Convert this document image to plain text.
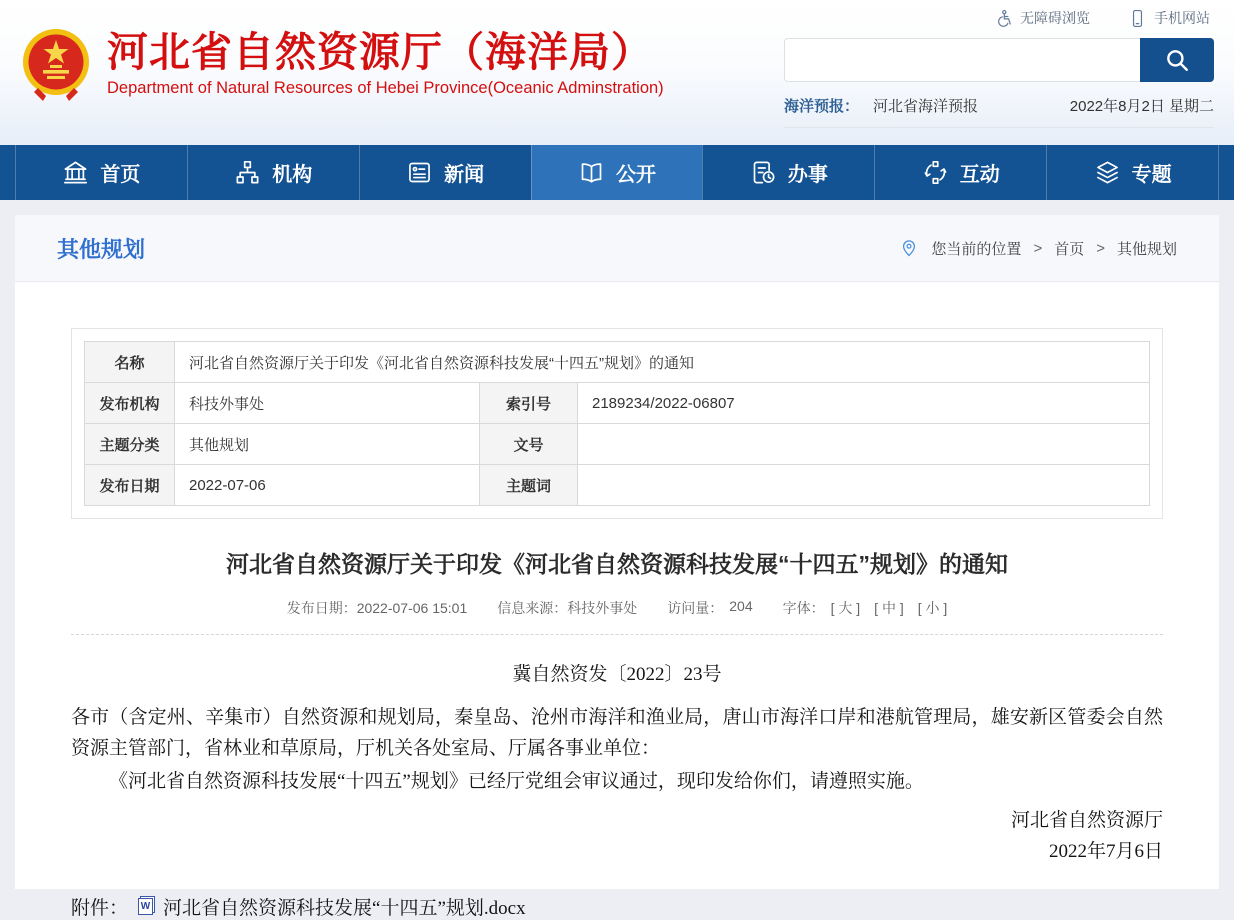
无障碍浏览	手机网站
河北省自然资源厅（海洋局）
Department of Natural Resources of Hebei Province(Oceanic Adminstration)
海洋预报： 河北省海洋预报	2022年8月2日 星期二
首页	机构	新闻	公开	办事	互动	专题
其他规划	您当前的位置 > 首页 > 其他规划
名称	河北省自然资源厅关于印发《河北省自然资源科技发展“十四五”规划》的通知		
发布机构	科技外事处	索引号	2189234/2022-06807
主题分类	其他规划	文号	
发布日期	2022-07-06	主题词	
河北省自然资源厅关于印发《河北省自然资源科技发展“十四五”规划》的通知
发布日期：2022-07-06 15:01 信息来源：科技外事处 访问量： 204 字体： [ 大 ] [ 中 ] [ 小 ]
冀自然资发〔2022〕23号
各市（含定州、辛集市）自然资源和规划局，秦皇岛、沧州市海洋和渔业局，唐山市海洋口岸和港航管理局，雄安新区管委会自然资源主管部门，省林业和草原局，厅机关各处室局、厅属各事业单位：
《河北省自然资源科技发展“十四五”规划》已经厅党组会审议通过，现印发给你们，请遵照实施。
河北省自然资源厅
2022年7月6日
附件： W 河北省自然资源科技发展“十四五”规划.docx
